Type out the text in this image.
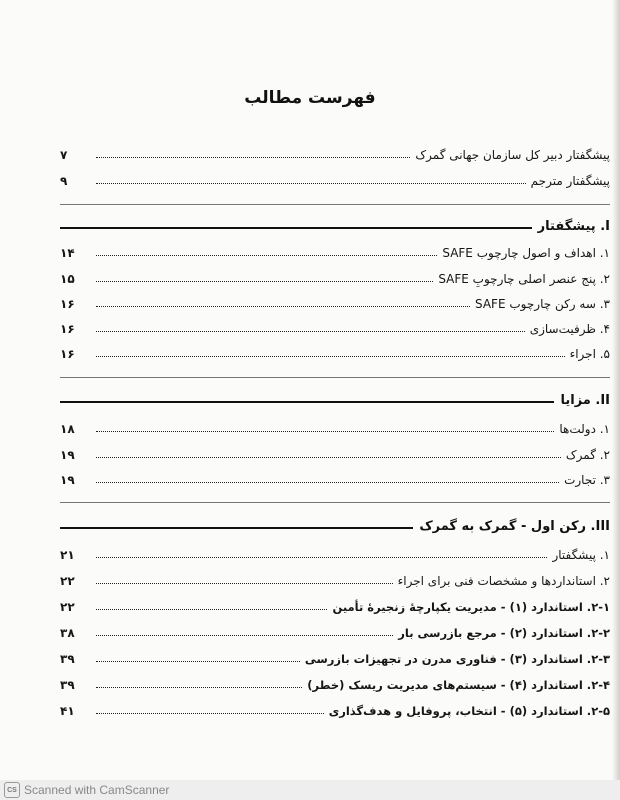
فهرست مطالب
پیشگفتار دبیر کل سازمان جهانی گمرک
۷
پیشگفتار مترجم
۹
I. پیشگفتار
۱. اهداف و اصول چارچوب SAFE
۱۴
۲. پنج عنصر اصلی چارچوبِ SAFE
۱۵
۳. سه رکن چارچوب SAFE
۱۶
۴. ظرفیت‌سازی
۱۶
۵. اجراء
۱۶
II. مزایا
۱. دولت‌ها
۱۸
۲. گمرک
۱۹
۳. تجارت
۱۹
III. رکن اول - گمرک به گمرک
۱. پیشگفتار
۲۱
۲. استانداردها و مشخصات فنی برای اجراء
۲۲
۲-۱. استاندارد (۱) - مدیریت یکپارچهٔ زنجیرهٔ تأمین
۲۲
۲-۲. استاندارد (۲) - مرجع بازرسی بار
۳۸
۲-۳. استاندارد (۳) - فناوری مدرن در تجهیزات بازرسی
۳۹
۲-۴. استاندارد (۴) - سیستم‌های مدیریت ریسک (خطر)
۳۹
۲-۵. استاندارد (۵) - انتخاب، پروفایل و هدف‌گذاری
۴۱
CS Scanned with CamScanner
